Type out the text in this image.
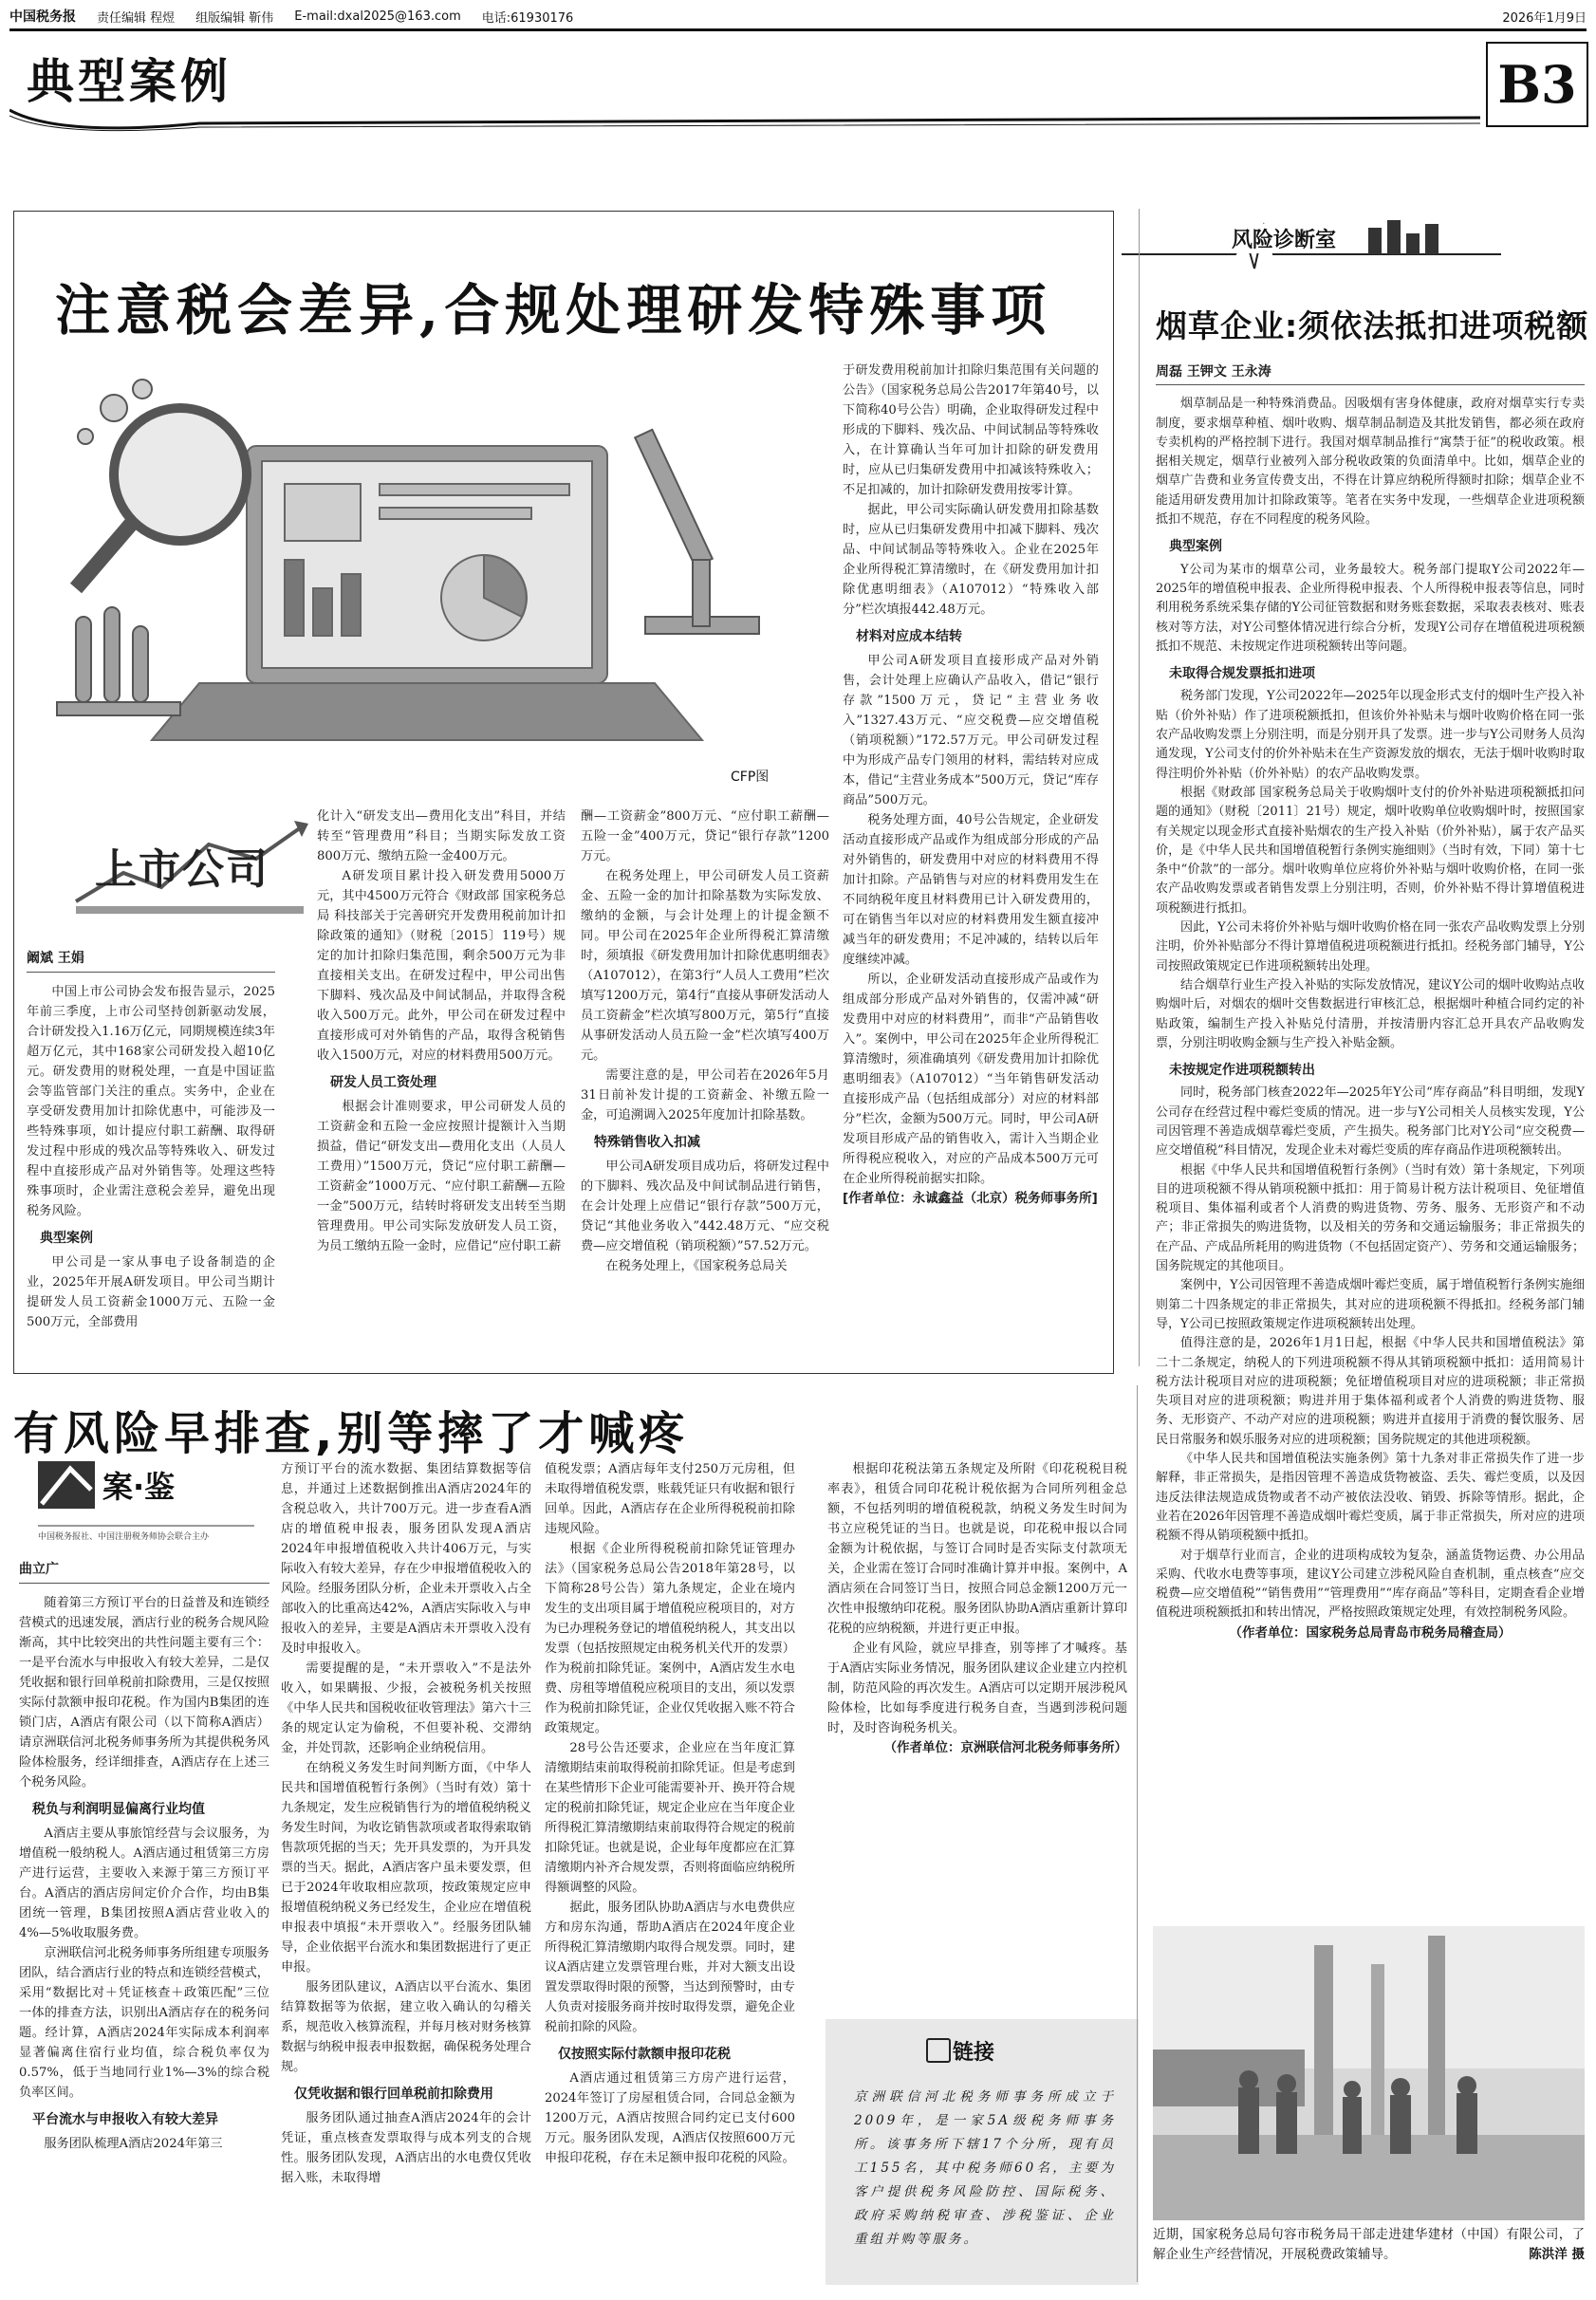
中国税务报 责任编辑 程煜 组版编辑 靳伟 E-mail:dxal2025@163.com 电话:61930176	2026年1月9日
典型案例	B3
注意税会差异,合规处理研发特殊事项
CFP图
上市公司
阚斌 王娟

中国上市公司协会发布报告显示，2025年前三季度，上市公司坚持创新驱动发展，合计研发投入1.16万亿元，同期规模连续3年超万亿元，其中168家公司研发投入超10亿元。研发费用的财税处理，一直是中国证监会等监管部门关注的重点。实务中，企业在享受研发费用加计扣除优惠中，可能涉及一些特殊事项，如计提应付职工薪酬、取得研发过程中形成的残次品等特殊收入、研发过程中直接形成产品对外销售等。处理这些特殊事项时，企业需注意税会差异，避免出现税务风险。

典型案例

甲公司是一家从事电子设备制造的企业，2025年开展A研发项目。甲公司当期计提研发人员工资薪金1000万元、五险一金500万元，全部费用

化计入“研发支出—费用化支出”科目，并结转至“管理费用”科目；当期实际发放工资800万元、缴纳五险一金400万元。

A研发项目累计投入研发费用5000万元，其中4500万元符合《财政部 国家税务总局 科技部关于完善研究开发费用税前加计扣除政策的通知》（财税〔2015〕119号）规定的加计扣除归集范围，剩余500万元为非直接相关支出。在研发过程中，甲公司出售下脚料、残次品及中间试制品，并取得含税收入500万元。此外，甲公司在研发过程中直接形成可对外销售的产品，取得含税销售收入1500万元，对应的材料费用500万元。

研发人员工资处理

根据会计准则要求，甲公司研发人员的工资薪金和五险一金应按照计提额计入当期损益，借记“研发支出—费用化支出（人员人工费用）”1500万元，贷记“应付职工薪酬—工资薪金”1000万元、“应付职工薪酬—五险一金”500万元，结转时将研发支出转至当期管理费用。甲公司实际发放研发人员工资，为员工缴纳五险一金时，应借记“应付职工薪

酬—工资薪金”800万元、“应付职工薪酬—五险一金”400万元，贷记“银行存款”1200万元。

在税务处理上，甲公司研发人员工资薪金、五险一金的加计扣除基数为实际发放、缴纳的金额，与会计处理上的计提金额不同。甲公司在2025年企业所得税汇算清缴时，须填报《研发费用加计扣除优惠明细表》（A107012），在第3行“人员人工费用”栏次填写1200万元，第4行“直接从事研发活动人员工资薪金”栏次填写800万元，第5行“直接从事研发活动人员五险一金”栏次填写400万元。

需要注意的是，甲公司若在2026年5月31日前补发计提的工资薪金、补缴五险一金，可追溯调入2025年度加计扣除基数。

特殊销售收入扣减

甲公司A研发项目成功后，将研发过程中的下脚料、残次品及中间试制品进行销售，在会计处理上应借记“银行存款”500万元，贷记“其他业务收入”442.48万元、“应交税费—应交增值税（销项税额）”57.52万元。

在税务处理上，《国家税务总局关

于研发费用税前加计扣除归集范围有关问题的公告》（国家税务总局公告2017年第40号，以下简称40号公告）明确，企业取得研发过程中形成的下脚料、残次品、中间试制品等特殊收入，在计算确认当年可加计扣除的研发费用时，应从已归集研发费用中扣减该特殊收入；不足扣减的，加计扣除研发费用按零计算。

据此，甲公司实际确认研发费用扣除基数时，应从已归集研发费用中扣减下脚料、残次品、中间试制品等特殊收入。企业在2025年企业所得税汇算清缴时，在《研发费用加计扣除优惠明细表》（A107012）“特殊收入部分”栏次填报442.48万元。

材料对应成本结转

甲公司A研发项目直接形成产品对外销售，会计处理上应确认产品收入，借记“银行存款”1500万元，贷记“主营业务收入”1327.43万元、“应交税费—应交增值税（销项税额）”172.57万元。甲公司研发过程中为形成产品专门领用的材料，需结转对应成本，借记“主营业务成本”500万元，贷记“库存商品”500万元。

税务处理方面，40号公告规定，企业研发活动直接形成产品或作为组成部分形成的产品对外销售的，研发费用中对应的材料费用不得加计扣除。产品销售与对应的材料费用发生在不同纳税年度且材料费用已计入研发费用的，可在销售当年以对应的材料费用发生额直接冲减当年的研发费用；不足冲减的，结转以后年度继续冲减。

所以，企业研发活动直接形成产品或作为组成部分形成产品对外销售的，仅需冲减“研发费用中对应的材料费用”，而非“产品销售收入”。案例中，甲公司在2025年企业所得税汇算清缴时，须准确填列《研发费用加计扣除优惠明细表》（A107012）“当年销售研发活动直接形成产品（包括组成部分）对应的材料部分”栏次，金额为500万元。同时，甲公司A研发项目形成产品的销售收入，需计入当期企业所得税应税收入，对应的产品成本500万元可在企业所得税前据实扣除。

[作者单位：永诚鑫益（北京）税务师事务所]

风险诊断室
烟草企业:须依法抵扣进项税额
周磊 王钾文 王永涛

烟草制品是一种特殊消费品。因吸烟有害身体健康，政府对烟草实行专卖制度，要求烟草种植、烟叶收购、烟草制品制造及其批发销售，都必须在政府专卖机构的严格控制下进行。我国对烟草制品推行“寓禁于征”的税收政策。根据相关规定，烟草行业被列入部分税收政策的负面清单中。比如，烟草企业的烟草广告费和业务宣传费支出，不得在计算应纳税所得额时扣除；烟草企业不能适用研发费用加计扣除政策等。笔者在实务中发现，一些烟草企业进项税额抵扣不规范，存在不同程度的税务风险。

典型案例

Y公司为某市的烟草公司，业务最较大。税务部门提取Y公司2022年—2025年的增值税申报表、企业所得税申报表、个人所得税申报表等信息，同时利用税务系统采集存储的Y公司征管数据和财务账套数据，采取表表核对、账表核对等方法，对Y公司整体情况进行综合分析，发现Y公司存在增值税进项税额抵扣不规范、未按规定作进项税额转出等问题。

未取得合规发票抵扣进项

税务部门发现，Y公司2022年—2025年以现金形式支付的烟叶生产投入补贴（价外补贴）作了进项税额抵扣，但该价外补贴未与烟叶收购价格在同一张农产品收购发票上分别注明，而是分别开具了发票。进一步与Y公司财务人员沟通发现，Y公司支付的价外补贴未在生产资源发放的烟农，无法于烟叶收购时取得注明价外补贴（价外补贴）的农产品收购发票。

根据《财政部 国家税务总局关于收购烟叶支付的价外补贴进项税额抵扣问题的通知》（财税〔2011〕21号）规定，烟叶收购单位收购烟叶时，按照国家有关规定以现金形式直接补贴烟农的生产投入补贴（价外补贴），属于农产品买价，是《中华人民共和国增值税暂行条例实施细则》（当时有效，下同）第十七条中“价款”的一部分。烟叶收购单位应将价外补贴与烟叶收购价格，在同一张农产品收购发票或者销售发票上分别注明，否则，价外补贴不得计算增值税进项税额进行抵扣。

因此，Y公司未将价外补贴与烟叶收购价格在同一张农产品收购发票上分别注明，价外补贴部分不得计算增值税进项税额进行抵扣。经税务部门辅导，Y公司按照政策规定已作进项税额转出处理。

结合烟草行业生产投入补贴的实际发放情况，建议Y公司的烟叶收购站点收购烟叶后，对烟农的烟叶交售数据进行审核汇总，根据烟叶种植合同约定的补贴政策，编制生产投入补贴兑付清册，并按清册内容汇总开具农产品收购发票，分别注明收购金额与生产投入补贴金额。

未按规定作进项税额转出

同时，税务部门核查2022年—2025年Y公司“库存商品”科目明细，发现Y公司存在经营过程中霉烂变质的情况。进一步与Y公司相关人员核实发现，Y公司因管理不善造成烟草霉烂变质，产生损失。税务部门比对Y公司“应交税费—应交增值税”科目情况，发现企业未对霉烂变质的库存商品作进项税额转出。

根据《中华人民共和国增值税暂行条例》（当时有效）第十条规定，下列项目的进项税额不得从销项税额中抵扣：用于简易计税方法计税项目、免征增值税项目、集体福利或者个人消费的购进货物、劳务、服务、无形资产和不动产；非正常损失的购进货物，以及相关的劳务和交通运输服务；非正常损失的在产品、产成品所耗用的购进货物（不包括固定资产）、劳务和交通运输服务；国务院规定的其他项目。

案例中，Y公司因管理不善造成烟叶霉烂变质，属于增值税暂行条例实施细则第二十四条规定的非正常损失，其对应的进项税额不得抵扣。经税务部门辅导，Y公司已按照政策规定作进项税额转出处理。

值得注意的是，2026年1月1日起，根据《中华人民共和国增值税法》第二十二条规定，纳税人的下列进项税额不得从其销项税额中抵扣：适用简易计税方法计税项目对应的进项税额；免征增值税项目对应的进项税额；非正常损失项目对应的进项税额；购进并用于集体福利或者个人消费的购进货物、服务、无形资产、不动产对应的进项税额；购进并直接用于消费的餐饮服务、居民日常服务和娱乐服务对应的进项税额；国务院规定的其他进项税额。

《中华人民共和国增值税法实施条例》第十九条对非正常损失作了进一步解释，非正常损失，是指因管理不善造成货物被盗、丢失、霉烂变质，以及因违反法律法规造成货物或者不动产被依法没收、销毁、拆除等情形。据此，企业若在2026年因管理不善造成烟叶霉烂变质，属于非正常损失，所对应的进项税额不得从销项税额中抵扣。

对于烟草行业而言，企业的进项构成较为复杂，涵盖货物运费、办公用品采购、代收水电费等事项，建议Y公司建立涉税风险自查机制，重点核查“应交税费—应交增值税”“销售费用”“管理费用”“库存商品”等科目，定期查看企业增值税进项税额抵扣和转出情况，严格按照政策规定处理，有效控制税务风险。

（作者单位：国家税务总局青岛市税务局稽查局）

近期，国家税务总局句容市税务局干部走进建华建材（中国）有限公司，了解企业生产经营情况，开展税费政策辅导。	陈洪洋 摄
有风险早排查,别等摔了才喊疼
案·鉴
中国税务报社、中国注册税务师协会联合主办
曲立广

随着第三方预订平台的日益普及和连锁经营模式的迅速发展，酒店行业的税务合规风险渐高，其中比较突出的共性问题主要有三个：一是平台流水与申报收入有较大差异，二是仅凭收据和银行回单税前扣除费用，三是仅按照实际付款额申报印花税。作为国内B集团的连锁门店，A酒店有限公司（以下简称A酒店）请京洲联信河北税务师事务所为其提供税务风险体检服务，经详细排查，A酒店存在上述三个税务风险。

税负与利润明显偏离行业均值

A酒店主要从事旅馆经营与会议服务，为增值税一般纳税人。A酒店通过租赁第三方房产进行运营，主要收入来源于第三方预订平台。A酒店的酒店房间定价介合作，均由B集团统一管理，B集团按照A酒店营业收入的4%—5%收取服务费。

京洲联信河北税务师事务所组建专项服务团队，结合酒店行业的特点和连锁经营模式，采用“数据比对＋凭证核查＋政策匹配”三位一体的排查方法，识别出A酒店存在的税务问题。经计算，A酒店2024年实际成本利润率显著偏离住宿行业均值，综合税负率仅为0.57%，低于当地同行业1%—3%的综合税负率区间。

平台流水与申报收入有较大差异

服务团队梳理A酒店2024年第三

方预订平台的流水数据、集团结算数据等信息，并通过上述数据倒推出A酒店2024年的含税总收入，共计700万元。进一步查看A酒店的增值税申报表，服务团队发现A酒店2024年申报增值税收入共计406万元，与实际收入有较大差异，存在少申报增值税收入的风险。经服务团队分析，企业未开票收入占全部收入的比重高达42%，A酒店实际收入与申报收入的差异，主要是A酒店未开票收入没有及时申报收入。

需要提醒的是，“未开票收入”不是法外收入，如果瞒报、少报，会被税务机关按照《中华人民共和国税收征收管理法》第六十三条的规定认定为偷税，不但要补税、交滞纳金，并处罚款，还影响企业纳税信用。

在纳税义务发生时间判断方面，《中华人民共和国增值税暂行条例》（当时有效）第十九条规定，发生应税销售行为的增值税纳税义务发生时间，为收讫销售款项或者取得索取销售款项凭据的当天；先开具发票的，为开具发票的当天。据此，A酒店客户虽未要发票，但已于2024年收取相应款项，按政策规定应申报增值税纳税义务已经发生，企业应在增值税申报表中填报“未开票收入”。经服务团队辅导，企业依据平台流水和集团数据进行了更正申报。

服务团队建议，A酒店以平台流水、集团结算数据等为依据，建立收入确认的勾稽关系，规范收入核算流程，并每月核对财务核算数据与纳税申报表申报数据，确保税务处理合规。

仅凭收据和银行回单税前扣除费用

服务团队通过抽查A酒店2024年的会计凭证，重点核查发票取得与成本列支的合规性。服务团队发现，A酒店出的水电费仅凭收据入账，未取得增

值税发票；A酒店每年支付250万元房租，但未取得增值税发票，账载凭证只有收据和银行回单。因此，A酒店存在企业所得税税前扣除违规风险。

根据《企业所得税税前扣除凭证管理办法》（国家税务总局公告2018年第28号，以下简称28号公告）第九条规定，企业在境内发生的支出项目属于增值税应税项目的，对方为已办理税务登记的增值税纳税人，其支出以发票（包括按照规定由税务机关代开的发票）作为税前扣除凭证。案例中，A酒店发生水电费、房租等增值税应税项目的支出，须以发票作为税前扣除凭证，企业仅凭收据入账不符合政策规定。

28号公告还要求，企业应在当年度汇算清缴期结束前取得税前扣除凭证。但是考虑到在某些情形下企业可能需要补开、换开符合规定的税前扣除凭证，规定企业应在当年度企业所得税汇算清缴期结束前取得符合规定的税前扣除凭证。也就是说，企业每年度都应在汇算清缴期内补齐合规发票，否则将面临应纳税所得额调整的风险。

据此，服务团队协助A酒店与水电费供应方和房东沟通，帮助A酒店在2024年度企业所得税汇算清缴期内取得合规发票。同时，建议A酒店建立发票管理台账，并对大额支出设置发票取得时限的预警，当达到预警时，由专人负责对接服务商并按时取得发票，避免企业税前扣除的风险。

仅按照实际付款额申报印花税

A酒店通过租赁第三方房产进行运营，2024年签订了房屋租赁合同，合同总金额为1200万元，A酒店按照合同约定已支付600万元。服务团队发现，A酒店仅按照600万元申报印花税，存在未足额申报印花税的风险。

根据印花税法第五条规定及所附《印花税税目税率表》，租赁合同印花税计税依据为合同所列租金总额，不包括列明的增值税税款，纳税义务发生时间为书立应税凭证的当日。也就是说，印花税申报以合同金额为计税依据，与签订合同时是否实际支付款项无关，企业需在签订合同时准确计算并申报。案例中，A酒店须在合同签订当日，按照合同总金额1200万元一次性申报缴纳印花税。服务团队协助A酒店重新计算印花税的应纳税额，并进行更正申报。

企业有风险，就应早排查，别等摔了才喊疼。基于A酒店实际业务情况，服务团队建议企业建立内控机制，防范风险的再次发生。A酒店可以定期开展涉税风险体检，比如每季度进行税务自查，当遇到涉税问题时，及时咨询税务机关。

（作者单位：京洲联信河北税务师事务所）

链接
京洲联信河北税务师事务所成立于2009年，是一家5A级税务师事务所。该事务所下辖17个分所，现有员工155名，其中税务师60名，主要为客户提供税务风险防控、国际税务、政府采购纳税审查、涉税鉴证、企业重组并购等服务。
